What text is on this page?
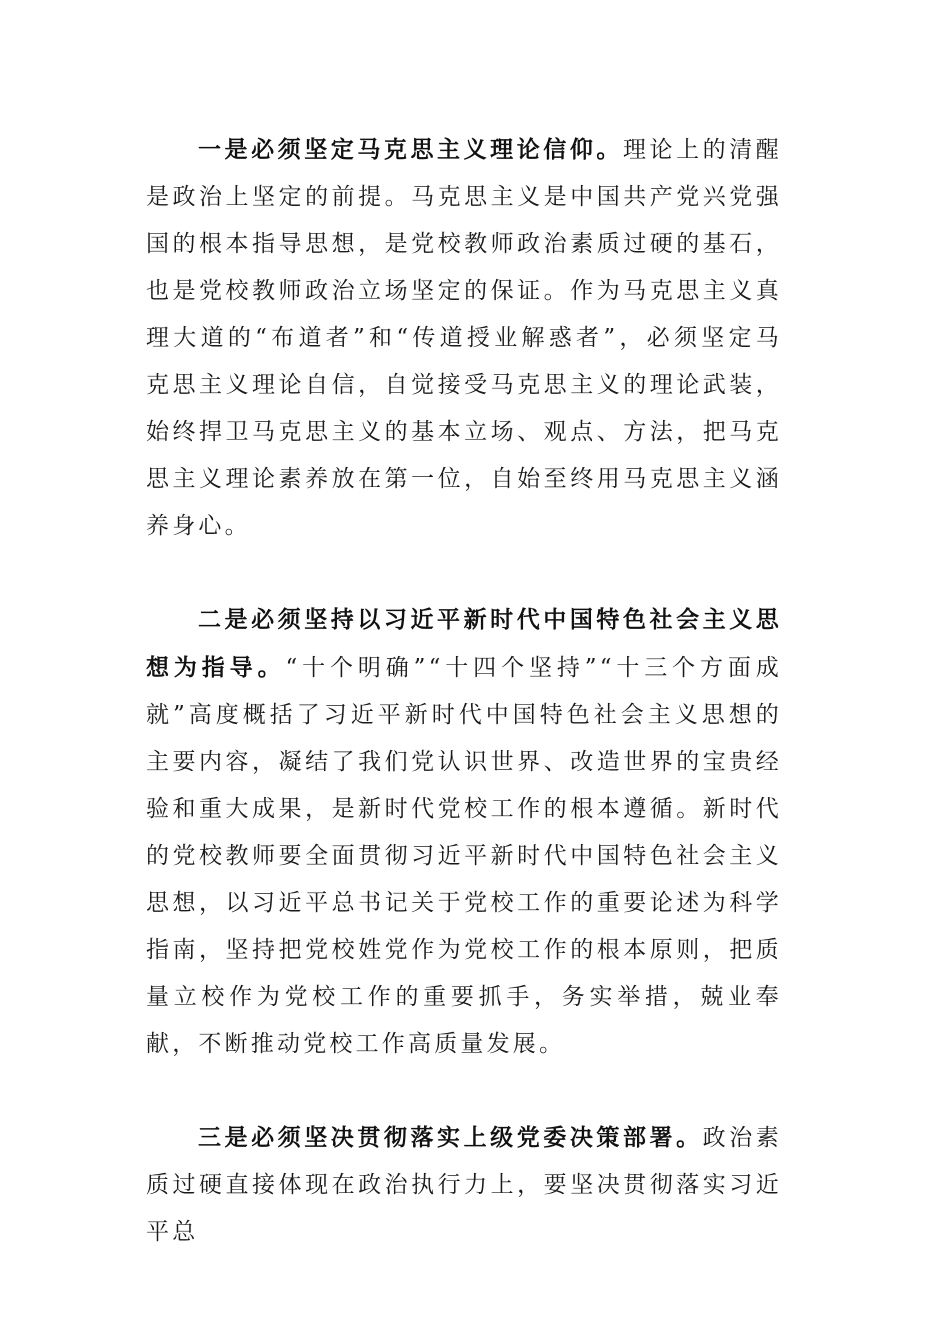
一是必须坚定马克思主义理论信仰。理论上的清醒是政治上坚定的前提。马克思主义是中国共产党兴党强国的根本指导思想，是党校教师政治素质过硬的基石，也是党校教师政治立场坚定的保证。作为马克思主义真理大道的“布道者”和“传道授业解惑者”，必须坚定马克思主义理论自信，自觉接受马克思主义的理论武装，始终捍卫马克思主义的基本立场、观点、方法，把马克思主义理论素养放在第一位，自始至终用马克思主义涵养身心。

二是必须坚持以习近平新时代中国特色社会主义思想为指导。“十个明确”“十四个坚持”“十三个方面成就”高度概括了习近平新时代中国特色社会主义思想的主要内容，凝结了我们党认识世界、改造世界的宝贵经验和重大成果，是新时代党校工作的根本遵循。新时代的党校教师要全面贯彻习近平新时代中国特色社会主义思想，以习近平总书记关于党校工作的重要论述为科学指南，坚持把党校姓党作为党校工作的根本原则，把质量立校作为党校工作的重要抓手，务实举措，兢业奉献，不断推动党校工作高质量发展。

三是必须坚决贯彻落实上级党委决策部署。政治素质过硬直接体现在政治执行力上，要坚决贯彻落实习近平总
